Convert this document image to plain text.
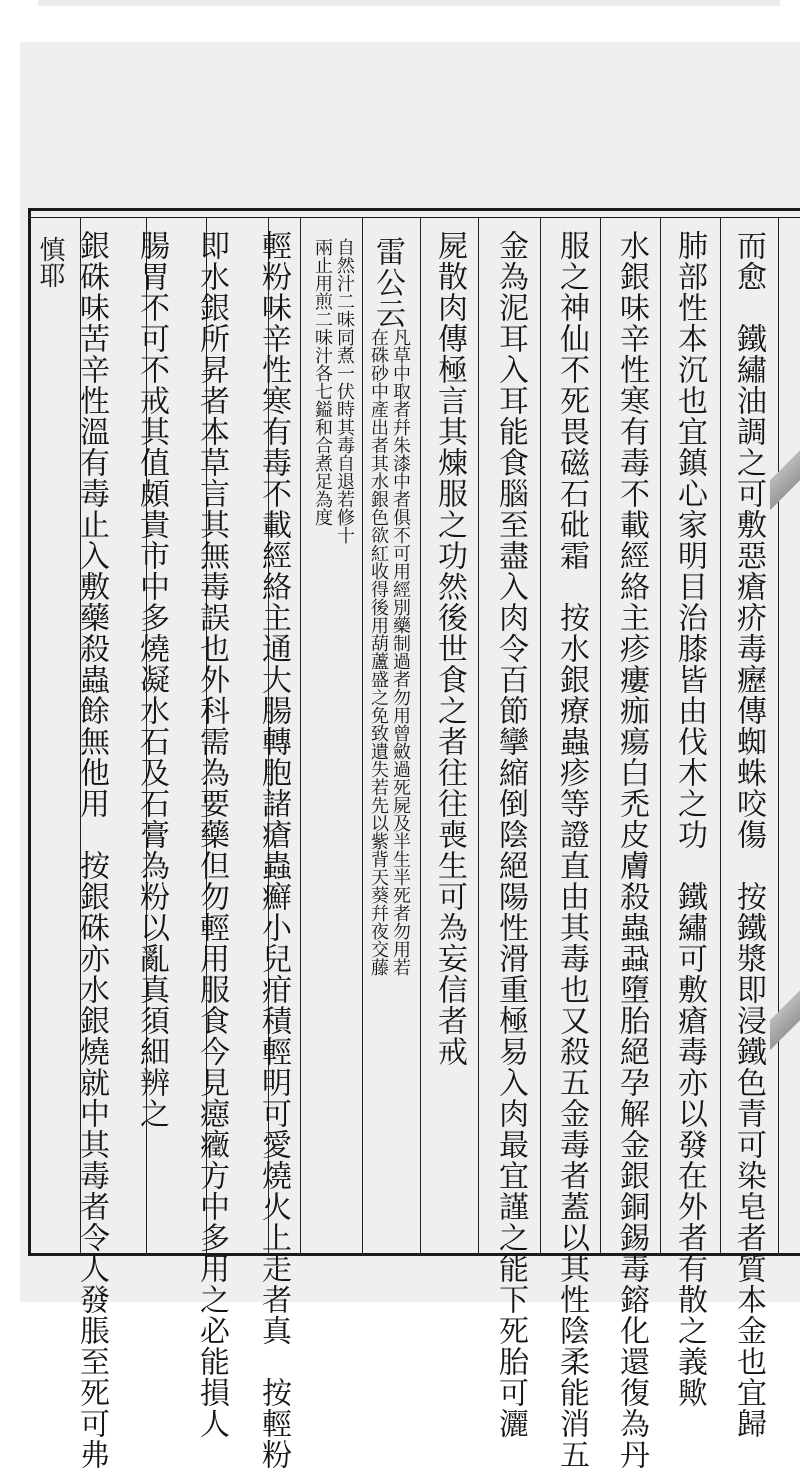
慎耶	而愈　鐵繡油調之可敷惡瘡疥毒癧傳蜘蛛咬傷　按鐵漿即浸鐵色青可染皂者質本金也宜歸
肺部性本沉也宜鎮心家明目治膝皆由伐木之功　鐵繡可敷瘡毒亦以發在外者有散之義歟
水銀味辛性寒有毒不載經絡主疹瘻痂瘍白禿皮膚殺蟲蝨墮胎絕孕解金銀銅錫毒鎔化還復為丹
服之神仙不死畏磁石砒霜　按水銀療蟲疹等證直由其毒也又殺五金毒者蓋以其性陰柔能消五
金為泥耳入耳能食腦至盡入肉令百節攣縮倒陰絕陽性滑重極易入肉最宜謹之能下死胎可灑
屍散肉傳極言其煉服之功然後世食之者往往喪生可為妄信者戒
雷公云
凡草中取者幷朱漆中者俱不可用經別藥制過者勿用曾斂過死屍及半生半死者勿用若
在硃砂中產出者其水銀色欲紅收得後用葫蘆盛之免致遺失若先以紫背天葵幷夜交藤
自然汁二味同煮一伏時其毒自退若修十
兩止用煎二味汁各七鎰和合煮足為度
輕粉味辛性寒有毒不載經絡主通大腸轉胞諸瘡蟲癬小兒疳積輕明可愛燒火上走者真　按輕粉
即水銀所昇者本草言其無毒誤也外科需為要藥但勿輕用服食今見癋癥方中多用之必能損人
腸胃不可不戒其值頗貴市中多燒凝水石及石膏為粉以亂真須細辨之
銀硃味苦辛性溫有毒止入敷藥殺蟲餘無他用　按銀硃亦水銀燒就中其毒者令人發脹至死可弗
